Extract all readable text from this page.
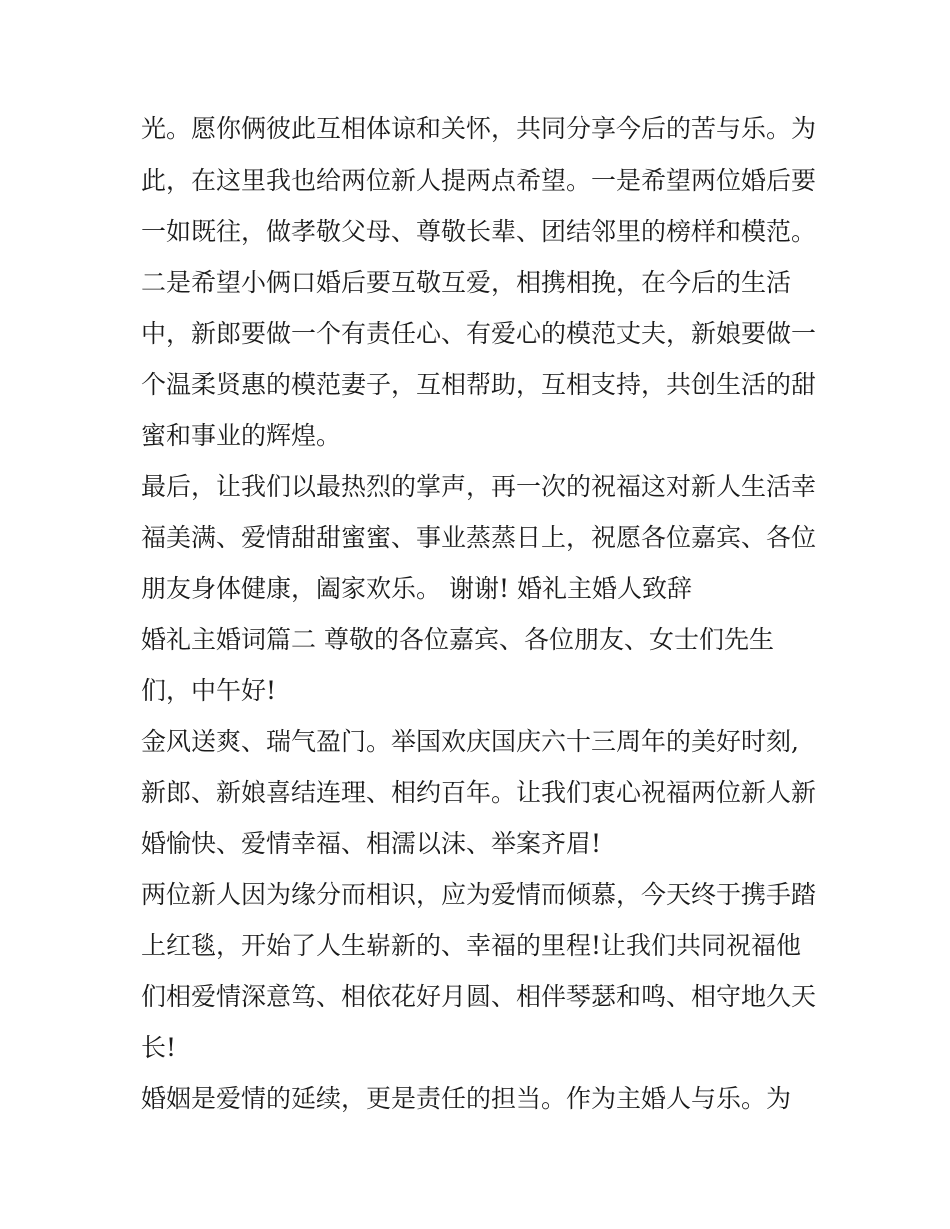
光。愿你俩彼此互相体谅和关怀，共同分享今后的苦与乐。为
此，在这里我也给两位新人提两点希望。一是希望两位婚后要
一如既往，做孝敬父母、尊敬长辈、团结邻里的榜样和模范。
二是希望小俩口婚后要互敬互爱，相携相挽，在今后的生活
中，新郎要做一个有责任心、有爱心的模范丈夫，新娘要做一
个温柔贤惠的模范妻子，互相帮助，互相支持，共创生活的甜
蜜和事业的辉煌。
最后，让我们以最热烈的掌声，再一次的祝福这对新人生活幸
福美满、爱情甜甜蜜蜜、事业蒸蒸日上，祝愿各位嘉宾、各位
朋友身体健康，阖家欢乐。 谢谢! 婚礼主婚人致辞
婚礼主婚词篇二 尊敬的各位嘉宾、各位朋友、女士们先生
们，中午好!
金风送爽、瑞气盈门。举国欢庆国庆六十三周年的美好时刻,
新郎、新娘喜结连理、相约百年。让我们衷心祝福两位新人新
婚愉快、爱情幸福、相濡以沫、举案齐眉!
两位新人因为缘分而相识，应为爱情而倾慕，今天终于携手踏
上红毯，开始了人生崭新的、幸福的里程!让我们共同祝福他
们相爱情深意笃、相依花好月圆、相伴琴瑟和鸣、相守地久天
长!
婚姻是爱情的延续，更是责任的担当。作为主婚人与乐。为
